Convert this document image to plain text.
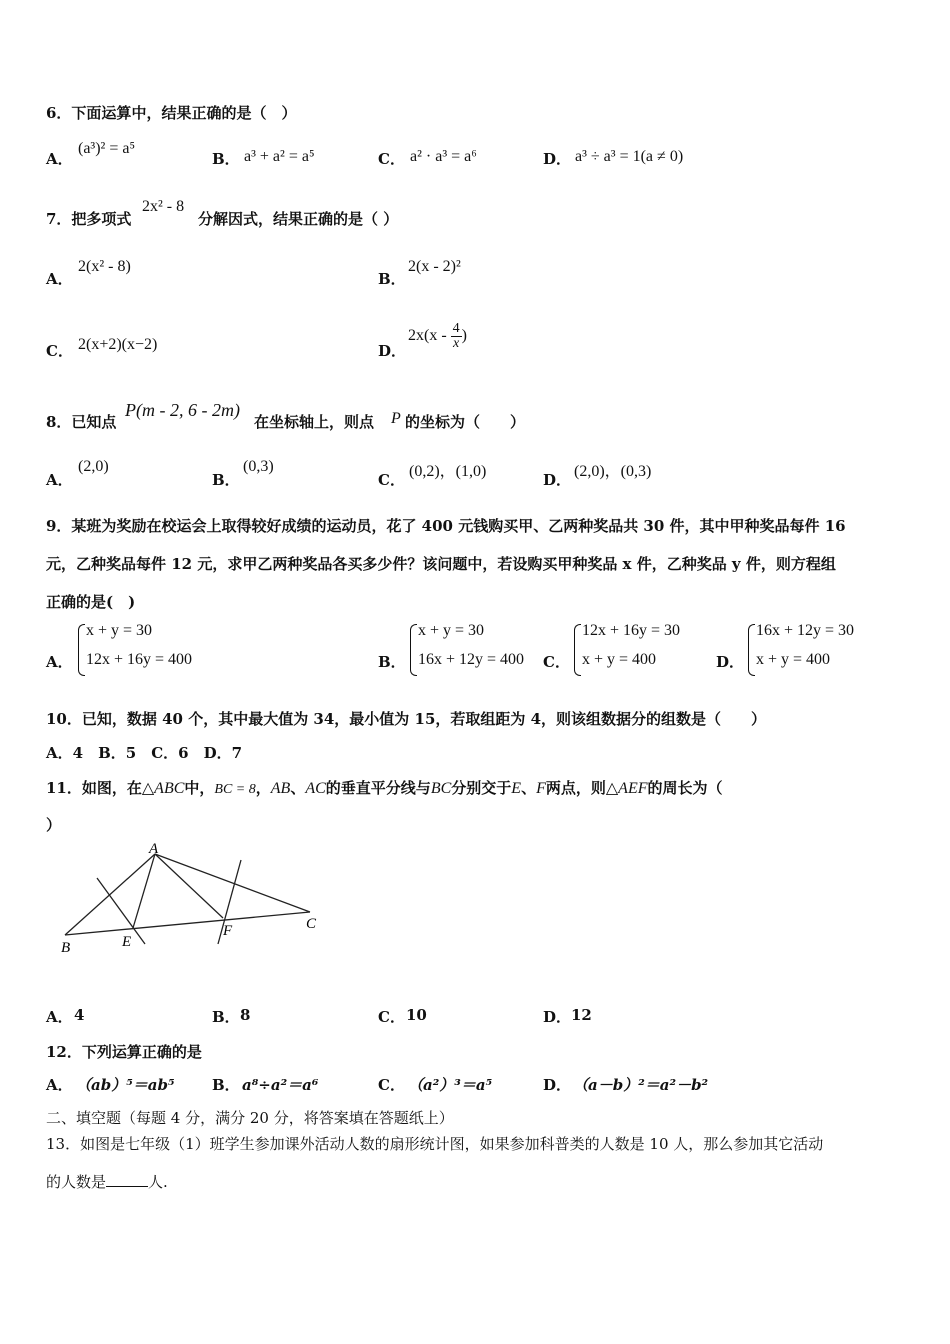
6．下面运算中，结果正确的是（　）
A．
(a³)² = a⁵
B． a³ + a² = a⁵	C． a² · a³ = a⁶	D． a³ ÷ a³ = 1(a ≠ 0)
7．把多项式
2x² - 8
分解因式，结果正确的是（ ）
A．
2(x² - 8)
B．
2(x - 2)²
C． 2(x+2)(x−2)	D．
$2x(x - \frac{4}{x}$ )
8．已知点
P(m - 2, 6 - 2m)
在坐标轴上，则点 P 的坐标为（　　）
A．
(2,0)
B．
(0,3)
C． (0,2)，(1,0)	D． (2,0)，(0,3)
9．某班为奖励在校运会上取得较好成绩的运动员，花了 400 元钱购买甲、乙两种奖品共 30 件，其中甲种奖品每件 16
元，乙种奖品每件 12 元，求甲乙两种奖品各买多少件？该问题中，若设购买甲种奖品 x 件，乙种奖品 y 件，则方程组
正确的是(　)
A．
x + y = 30
12x + 16y = 400	B．
x + y = 30
16x + 12y = 400 C．
12x + 16y = 30
x + y = 400	D．
16x + 12y = 30
x + y = 400
10．已知，数据 40 个，其中最大值为 34，最小值为 15，若取组距为 4，则该组数据分的组数是（　　）
A．4　B．5　C．6　D．7
11．如图，在△ABC中，BC = 8，AB、AC的垂直平分线与BC分别交于E、F两点，则△AEF的周长为（
）
A
B
C
E
F
A． 4	B． 8	C． 10	D． 12
12．下列运算正确的是
A． （ab）⁵＝ab⁵ B． a⁸÷a²＝a⁶	C． （a²）³＝a⁵	D． （a－b）²＝a²－b²
二、填空题（每题 4 分，满分 20 分，将答案填在答题纸上）
13．如图是七年级（1）班学生参加课外活动人数的扇形统计图，如果参加科普类的人数是 10 人，那么参加其它活动
的人数是	人.
